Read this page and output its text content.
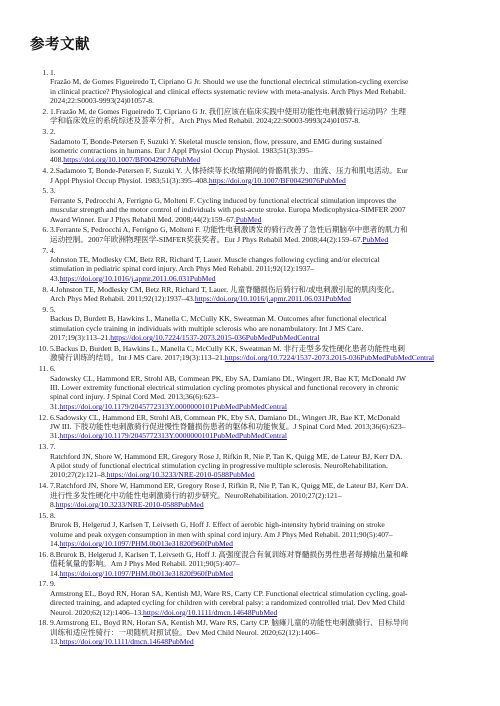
参考文献
1. 1.
Frazão M, de Gomes Figueiredo T, Cipriano G Jr. Should we use the functional electrical stimulation-cycling exercise
in clinical practice? Physiological and clinical effects systematic review with meta-analysis. Arch Phys Med Rehabil.
2024;22:S0003-9993(24)01057-8.
2. 1.Frazão M, de Gomes Figueiredo T, Cipriano G Jr. 我们应该在临床实践中使用功能性电刺激骑行运动吗？生理
学和临床效应的系统综述及荟萃分析。Arch Phys Med Rehabil. 2024;22:S0003-9993(24)01057-8.
3. 2.
Sadamoto T, Bonde-Petersen F, Suzuki Y. Skeletal muscle tension, flow, pressure, and EMG during sustained
isometric contractions in humans. Eur J Appl Physiol Occup Physiol. 1983;51(3):395–
408.https://doi.org/10.1007/BF00429076PubMed
4. 2.Sadamoto T, Bonde-Petersen F, Suzuki Y. 人体持续等长收缩期间的骨骼肌张力、血流、压力和肌电活动。Eur
J Appl Physiol Occup Physiol. 1983;51(3):395–408.https://doi.org/10.1007/BF00429076PubMed
5. 3.
Ferrante S, Pedrocchi A, Ferrigno G, Molteni F. Cycling induced by functional electrical stimulation improves the
muscular strength and the motor control of individuals with post-acute stroke. Europa Medicophysica-SIMFER 2007
Award Winner. Eur J Phys Rehabil Med. 2008;44(2):159–67.PubMed
6. 3.Ferrante S, Pedrocchi A, Ferrigno G, Molteni F. 功能性电刺激诱发的骑行改善了急性后期脑卒中患者的肌力和
运动控制。2007年欧洲物理医学-SIMFER奖获奖者。Eur J Phys Rehabil Med. 2008;44(2):159–67.PubMed
7. 4.
Johnston TE, Modlesky CM, Betz RR, Richard T, Lauer. Muscle changes following cycling and/or electrical
stimulation in pediatric spinal cord injury. Arch Phys Med Rehabil. 2011;92(12):1937–
43.https://doi.org/10.1016/j.apmr.2011.06.031PubMed
8. 4.Johnston TE, Modlesky CM, Betz RR, Richard T, Lauer. 儿童脊髓损伤后骑行和/或电刺激引起的肌肉变化。
Arch Phys Med Rehabil. 2011;92(12):1937–43.https://doi.org/10.1016/j.apmr.2011.06.031PubMed
9. 5.
Backus D, Burdett B, Hawkins L, Manella C, McCully KK, Sweatman M. Outcomes after functional electrical
stimulation cycle training in individuals with multiple sclerosis who are nonambulatory. Int J MS Care.
2017;19(3):113–21.https://doi.org/10.7224/1537-2073.2015-036PubMedPubMedCentral
10. 5.Backus D, Burdett B, Hawkins L, Manella C, McCully KK, Sweatman M. 非行走型多发性硬化患者功能性电刺
激骑行训练的结局。Int J MS Care. 2017;19(3):113–21.https://doi.org/10.7224/1537-2073.2015-036PubMedPubMedCentral
11. 6.
Sadowsky CL, Hammond ER, Strohl AB, Commean PK, Eby SA, Damiano DL, Wingert JR, Bae KT, McDonald JW
III. Lower extremity functional electrical stimulation cycling promotes physical and functional recovery in chronic
spinal cord injury. J Spinal Cord Med. 2013;36(6):623–
31.https://doi.org/10.1179/2045772313Y.0000000101PubMedPubMedCentral
12. 6.Sadowsky CL, Hammond ER, Strohl AB, Commean PK, Eby SA, Damiano DL, Wingert JR, Bae KT, McDonald
JW III. 下肢功能性电刺激骑行促进慢性脊髓损伤患者的躯体和功能恢复。J Spinal Cord Med. 2013;36(6):623–
31.https://doi.org/10.1179/2045772313Y.0000000101PubMedPubMedCentral
13. 7.
Ratchford JN, Shore W, Hammond ER, Gregory Rose J, Rifkin R, Nie P, Tan K, Quigg ME, de Lateur BJ, Kerr DA.
A pilot study of functional electrical stimulation cycling in progressive multiple sclerosis. NeuroRehabilitation.
2010;27(2):121–8.https://doi.org/10.3233/NRE-2010-0588PubMed
14. 7.Ratchford JN, Shore W, Hammond ER, Gregory Rose J, Rifkin R, Nie P, Tan K, Quigg ME, de Lateur BJ, Kerr DA.
进行性多发性硬化中功能性电刺激骑行的初步研究。NeuroRehabilitation. 2010;27(2):121–
8.https://doi.org/10.3233/NRE-2010-0588PubMed
15. 8.
Brurok B, Helgerud J, Karlsen T, Leivseth G, Hoff J. Effect of aerobic high-intensity hybrid training on stroke
volume and peak oxygen consumption in men with spinal cord injury. Am J Phys Med Rehabil. 2011;90(5):407–
14.https://doi.org/10.1097/PHM.0b013e31820f960fPubMed
16. 8.Brurok B, Helgerud J, Karlsen T, Leivseth G, Hoff J. 高强度混合有氧训练对脊髓损伤男性患者每搏输出量和峰
值耗氧量的影响。Am J Phys Med Rehabil. 2011;90(5):407–
14.https://doi.org/10.1097/PHM.0b013e31820f960fPubMed
17. 9.
Armstrong EL, Boyd RN, Horan SA, Kentish MJ, Ware RS, Carty CP. Functional electrical stimulation cycling, goal-
directed training, and adapted cycling for children with cerebral palsy: a randomized controlled trial. Dev Med Child
Neurol. 2020;62(12):1406–13.https://doi.org/10.1111/dmcn.14648PubMed
18. 9.Armstrong EL, Boyd RN, Horan SA, Kentish MJ, Ware RS, Carty CP. 脑瘫儿童的功能性电刺激骑行、目标导向
训练和适应性骑行：一项随机对照试验。Dev Med Child Neurol. 2020;62(12):1406–
13.https://doi.org/10.1111/dmcn.14648PubMed
